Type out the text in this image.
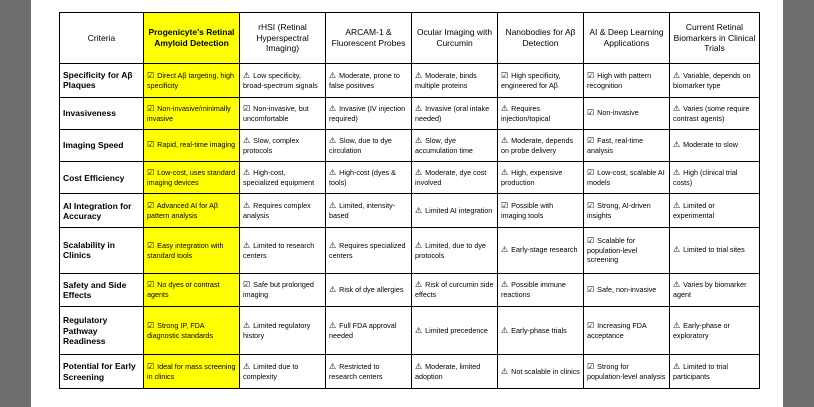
Criteria	Progenicyte's Retinal Amyloid Detection	rHSI (Retinal Hyperspectral Imaging)	ARCAM-1 & Fluorescent Probes	Ocular Imaging with Curcumin	Nanobodies for Aβ Detection	AI & Deep Learning Applications	Current Retinal Biomarkers in Clinical Trials
Specificity for Aβ Plaques	☑ Direct Aβ targeting, high specificity	⚠ Low specificity, broad-spectrum signals	⚠ Moderate, prone to false positives	⚠ Moderate, binds multiple proteins	☑ High specificity, engineered for Aβ	☑ High with pattern recognition	⚠ Variable, depends on biomarker type
Invasiveness	☑ Non-invasive/minimally invasive	☑ Non-invasive, but uncomfortable	⚠ Invasive (IV injection required)	⚠ Invasive (oral intake needed)	⚠ Requires injection/topical	☑ Non-invasive	⚠ Varies (some require contrast agents)
Imaging Speed	☑ Rapid, real-time imaging	⚠ Slow, complex protocols	⚠ Slow, due to dye circulation	⚠ Slow, dye accumulation time	⚠ Moderate, depends on probe delivery	☑ Fast, real-time analysis	⚠ Moderate to slow
Cost Efficiency	☑ Low-cost, uses standard imaging devices	⚠ High-cost, specialized equipment	⚠ High-cost (dyes & tools)	⚠ Moderate, dye cost involved	⚠ High, expensive production	☑ Low-cost, scalable AI models	⚠ High (clinical trial costs)
AI Integration for Accuracy	☑ Advanced AI for Aβ pattern analysis	⚠ Requires complex analysis	⚠ Limited, intensity-based	⚠ Limited AI integration	☑ Possible with imaging tools	☑ Strong, AI-driven insights	⚠ Limited or experimental
Scalability in Clinics	☑ Easy integration with standard tools	⚠ Limited to research centers	⚠ Requires specialized centers	⚠ Limited, due to dye protocols	⚠ Early-stage research	☑ Scalable for population-level screening	⚠ Limited to trial sites
Safety and Side Effects	☑ No dyes or contrast agents	☑ Safe but prolonged imaging	⚠ Risk of dye allergies	⚠ Risk of curcumin side effects	⚠ Possible immune reactions	☑ Safe, non-invasive	⚠ Varies by biomarker agent
Regulatory Pathway Readiness	☑ Strong IP, FDA diagnostic standards	⚠ Limited regulatory history	⚠ Full FDA approval needed	⚠ Limited precedence	⚠ Early-phase trials	☑ Increasing FDA acceptance	⚠ Early-phase or exploratory
Potential for Early Screening	☑ Ideal for mass screening in clinics	⚠ Limited due to complexity	⚠ Restricted to research centers	⚠ Moderate, limited adoption	⚠ Not scalable in clinics	☑ Strong for population-level analysis	⚠ Limited to trial participants
